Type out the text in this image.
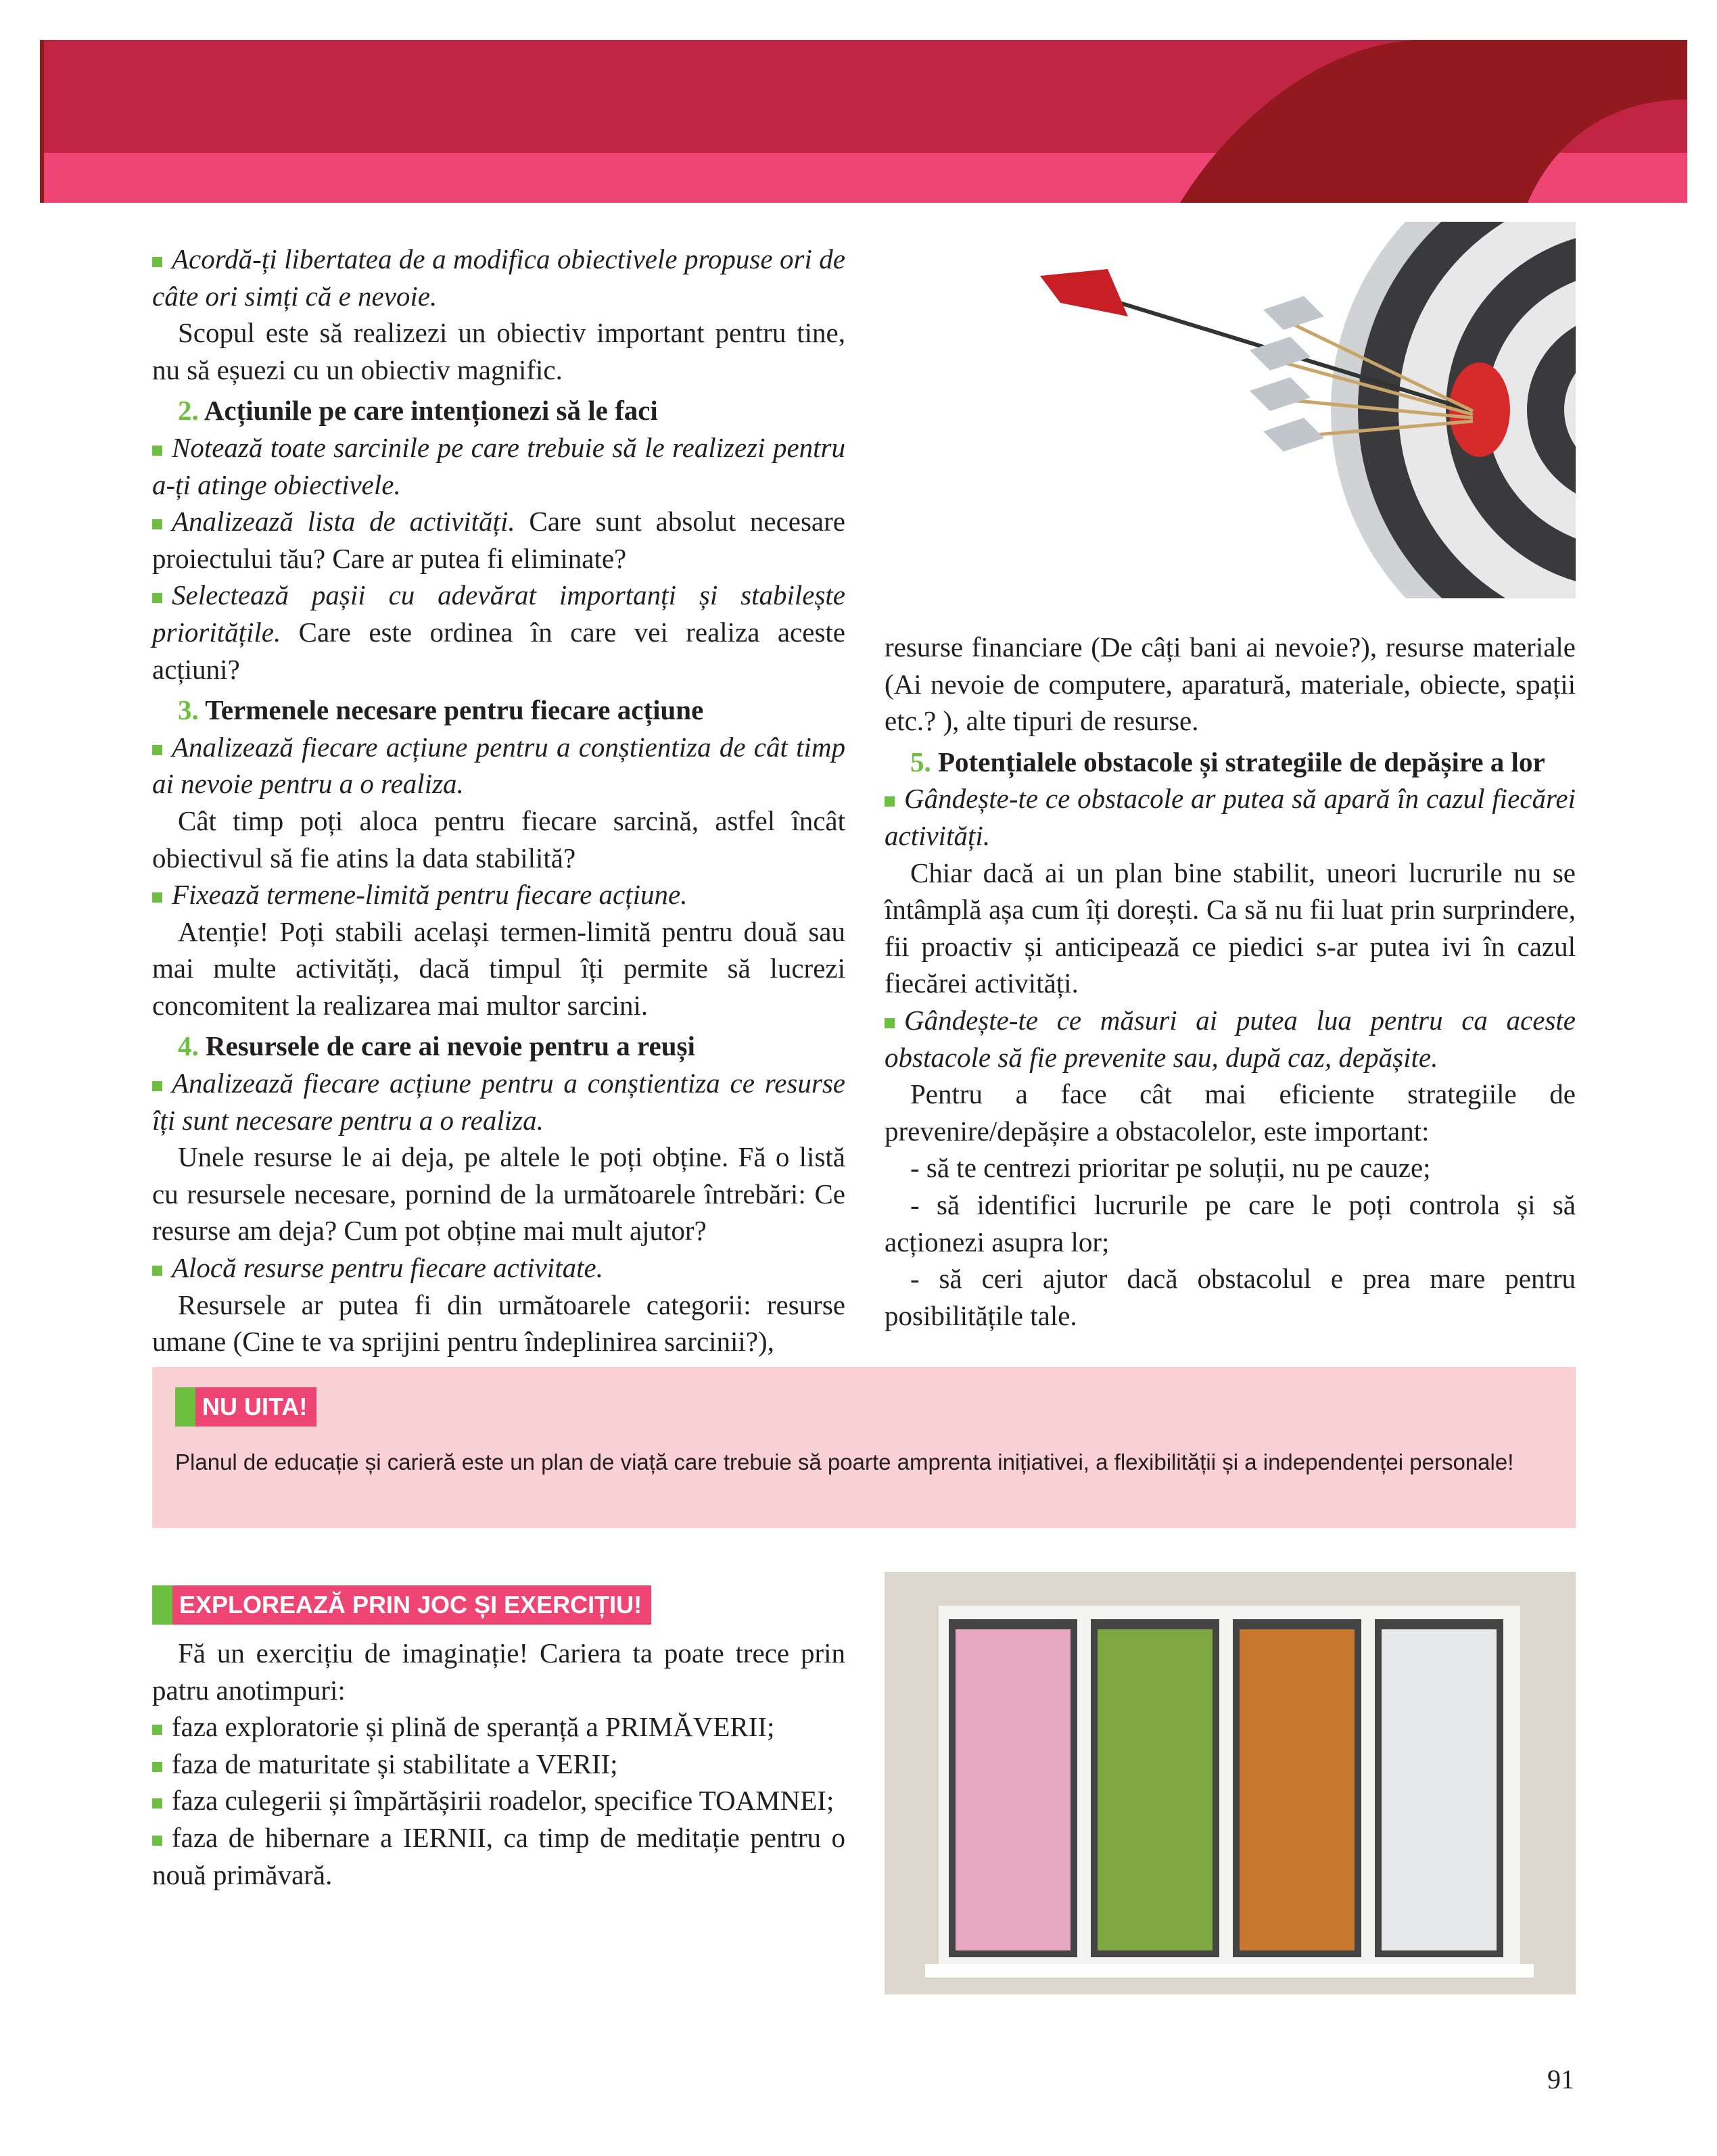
Acordă-ți libertatea de a modifica obiectivele propuse ori de câte ori simți că e nevoie.

Scopul este să realizezi un obiectiv important pentru tine, nu să eșuezi cu un obiectiv magnific.

2. Acțiunile pe care intenționezi să le faci

Notează toate sarcinile pe care trebuie să le realizezi pentru a-ți atinge obiectivele.

Analizează lista de activități. Care sunt absolut necesare proiectului tău? Care ar putea fi eliminate?

Selectează pașii cu adevărat importanți și stabilește prioritățile. Care este ordinea în care vei realiza aceste acțiuni?

3. Termenele necesare pentru fiecare acțiune

Analizează fiecare acțiune pentru a conștientiza de cât timp ai nevoie pentru a o realiza.

Cât timp poți aloca pentru fiecare sarcină, astfel încât obiectivul să fie atins la data stabilită?

Fixează termene-limită pentru fiecare acțiune.

Atenție! Poți stabili același termen-limită pentru două sau mai multe activități, dacă timpul îți permite să lucrezi concomitent la realizarea mai multor sarcini.

4. Resursele de care ai nevoie pentru a reuși

Analizează fiecare acțiune pentru a conștientiza ce resurse îți sunt necesare pentru a o realiza.

Unele resurse le ai deja, pe altele le poți obține. Fă o listă cu resursele necesare, pornind de la următoarele întrebări: Ce resurse am deja? Cum pot obține mai mult ajutor?

Alocă resurse pentru fiecare activitate.

Resursele ar putea fi din următoarele categorii: resurse umane (Cine te va sprijini pentru îndeplinirea sarcinii?),

resurse financiare (De câți bani ai nevoie?), resurse materiale (Ai nevoie de computere, aparatură, materiale, obiecte, spații etc.? ), alte tipuri de resurse.

5. Potențialele obstacole și strategiile de depășire a lor

Gândește-te ce obstacole ar putea să apară în cazul fiecărei activități.

Chiar dacă ai un plan bine stabilit, uneori lucrurile nu se întâmplă așa cum îți dorești. Ca să nu fii luat prin surprindere, fii proactiv și anticipează ce piedici s-ar putea ivi în cazul fiecărei activități.

Gândește-te ce măsuri ai putea lua pentru ca aceste obstacole să fie prevenite sau, după caz, depășite.

Pentru a face cât mai eficiente strategiile de prevenire/depășire a obstacolelor, este important:

- să te centrezi prioritar pe soluții, nu pe cauze;

- să identifici lucrurile pe care le poți controla și să acționezi asupra lor;

- să ceri ajutor dacă obstacolul e prea mare pentru posibilitățile tale.

NU UITA!
Planul de educație și carieră este un plan de viață care trebuie să poarte amprenta inițiativei, a flexibilității și a independenței personale!
EXPLOREAZĂ PRIN JOC ȘI EXERCIȚIU!

Fă un exercițiu de imaginație! Cariera ta poate trece prin patru anotimpuri:

faza exploratorie și plină de speranță a PRIMĂVERII;

faza de maturitate și stabilitate a VERII;

faza culegerii și împărtășirii roadelor, specifice TOAMNEI;

faza de hibernare a IERNII, ca timp de meditație pentru o nouă primăvară.

91
